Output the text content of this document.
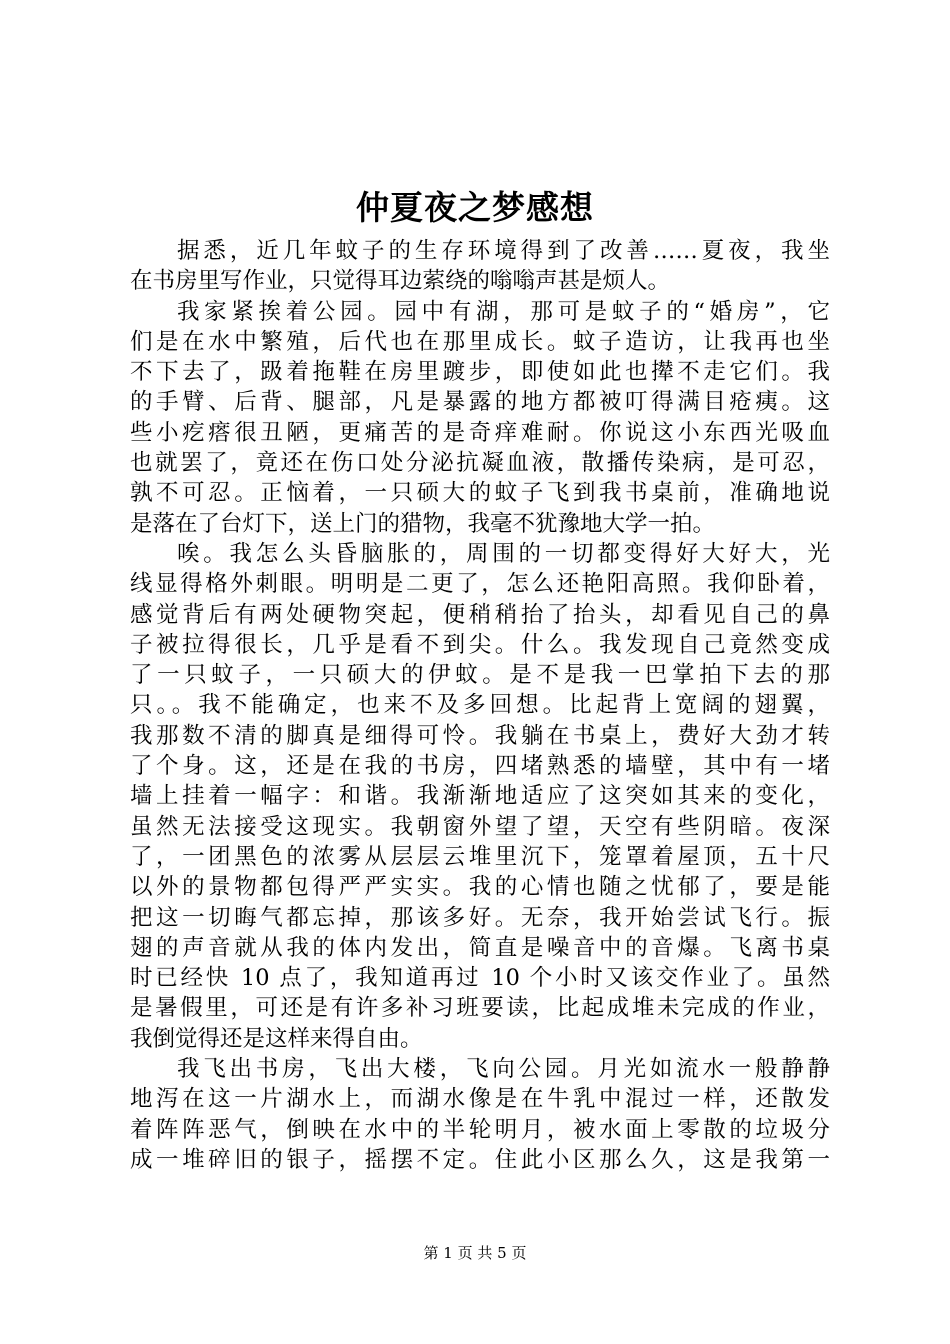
仲夏夜之梦感想
据悉，近几年蚊子的生存环境得到了改善……夏夜，我坐
在书房里写作业，只觉得耳边萦绕的嗡嗡声甚是烦人。
我家紧挨着公园。园中有湖，那可是蚊子的“婚房”，它
们是在水中繁殖，后代也在那里成长。蚊子造访，让我再也坐
不下去了，趿着拖鞋在房里踱步，即使如此也撵不走它们。我
的手臂、后背、腿部，凡是暴露的地方都被叮得满目疮痍。这
些小疙瘩很丑陋，更痛苦的是奇痒难耐。你说这小东西光吸血
也就罢了，竟还在伤口处分泌抗凝血液，散播传染病，是可忍，
孰不可忍。正恼着，一只硕大的蚊子飞到我书桌前，准确地说
是落在了台灯下，送上门的猎物，我毫不犹豫地大学一拍。
唉。我怎么头昏脑胀的，周围的一切都变得好大好大，光
线显得格外刺眼。明明是二更了，怎么还艳阳高照。我仰卧着，
感觉背后有两处硬物突起，便稍稍抬了抬头，却看见自己的鼻
子被拉得很长，几乎是看不到尖。什么。我发现自己竟然变成
了一只蚊子，一只硕大的伊蚊。是不是我一巴掌拍下去的那
只。。我不能确定，也来不及多回想。比起背上宽阔的翅翼，
我那数不清的脚真是细得可怜。我躺在书桌上，费好大劲才转
了个身。这，还是在我的书房，四堵熟悉的墙壁，其中有一堵
墙上挂着一幅字：和谐。我渐渐地适应了这突如其来的变化，
虽然无法接受这现实。我朝窗外望了望，天空有些阴暗。夜深
了，一团黑色的浓雾从层层云堆里沉下，笼罩着屋顶，五十尺
以外的景物都包得严严实实。我的心情也随之忧郁了，要是能
把这一切晦气都忘掉，那该多好。无奈，我开始尝试飞行。振
翅的声音就从我的体内发出，简直是噪音中的音爆。飞离书桌
时已经快 10 点了，我知道再过 10 个小时又该交作业了。虽然
是暑假里，可还是有许多补习班要读，比起成堆未完成的作业，
我倒觉得还是这样来得自由。
我飞出书房，飞出大楼，飞向公园。月光如流水一般静静
地泻在这一片湖水上，而湖水像是在牛乳中混过一样，还散发
着阵阵恶气，倒映在水中的半轮明月，被水面上零散的垃圾分
成一堆碎旧的银子，摇摆不定。住此小区那么久，这是我第一
第 1 页 共 5 页
